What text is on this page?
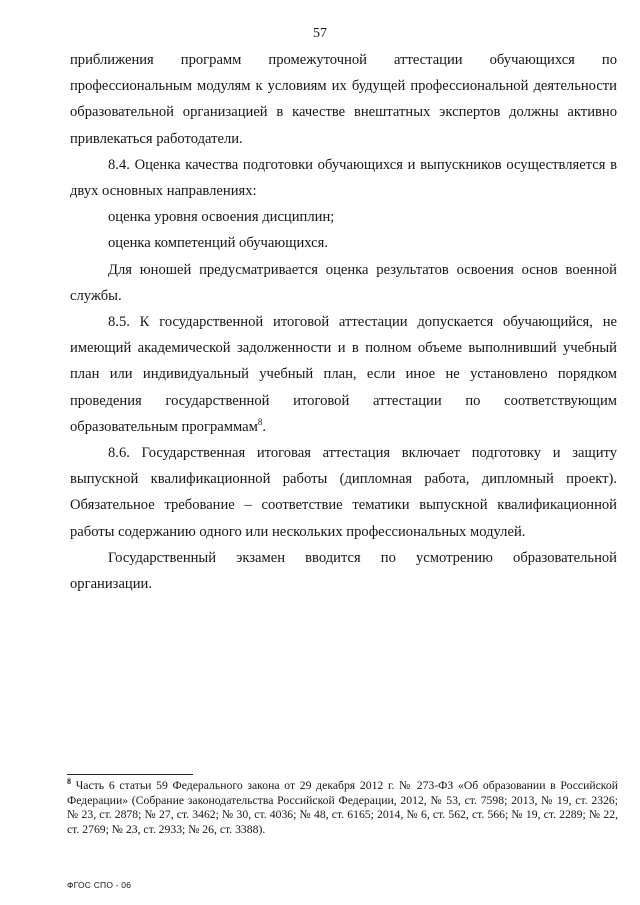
57

приближения программ промежуточной аттестации обучающихся по профессиональным модулям к условиям их будущей профессиональной деятельности образовательной организацией в качестве внештатных экспертов должны активно привлекаться работодатели.

8.4. Оценка качества подготовки обучающихся и выпускников осуществляется в двух основных направлениях:

оценка уровня освоения дисциплин;

оценка компетенций обучающихся.

Для юношей предусматривается оценка результатов освоения основ военной службы.

8.5. К государственной итоговой аттестации допускается обучающийся, не имеющий академической задолженности и в полном объеме выполнивший учебный план или индивидуальный учебный план, если иное не установлено порядком проведения государственной итоговой аттестации по соответствующим образовательным программам$^8$.

8.6. Государственная итоговая аттестация включает подготовку и защиту выпускной квалификационной работы (дипломная работа, дипломный проект). Обязательное требование – соответствие тематики выпускной квалификационной работы содержанию одного или нескольких профессиональных модулей.

Государственный экзамен вводится по усмотрению образовательной организации.

$^8$ Часть 6 статьи 59 Федерального закона от 29 декабря 2012 г. № 273-ФЗ «Об образовании в Российской Федерации» (Собрание законодательства Российской Федерации, 2012, № 53, ст. 7598; 2013, № 19, ст. 2326; № 23, ст. 2878; № 27, ст. 3462; № 30, ст. 4036; № 48, ст. 6165; 2014, № 6, ст. 562, ст. 566; № 19, ст. 2289; № 22, ст. 2769; № 23, ст. 2933; № 26, ст. 3388).
ФГОС СПО - 06
